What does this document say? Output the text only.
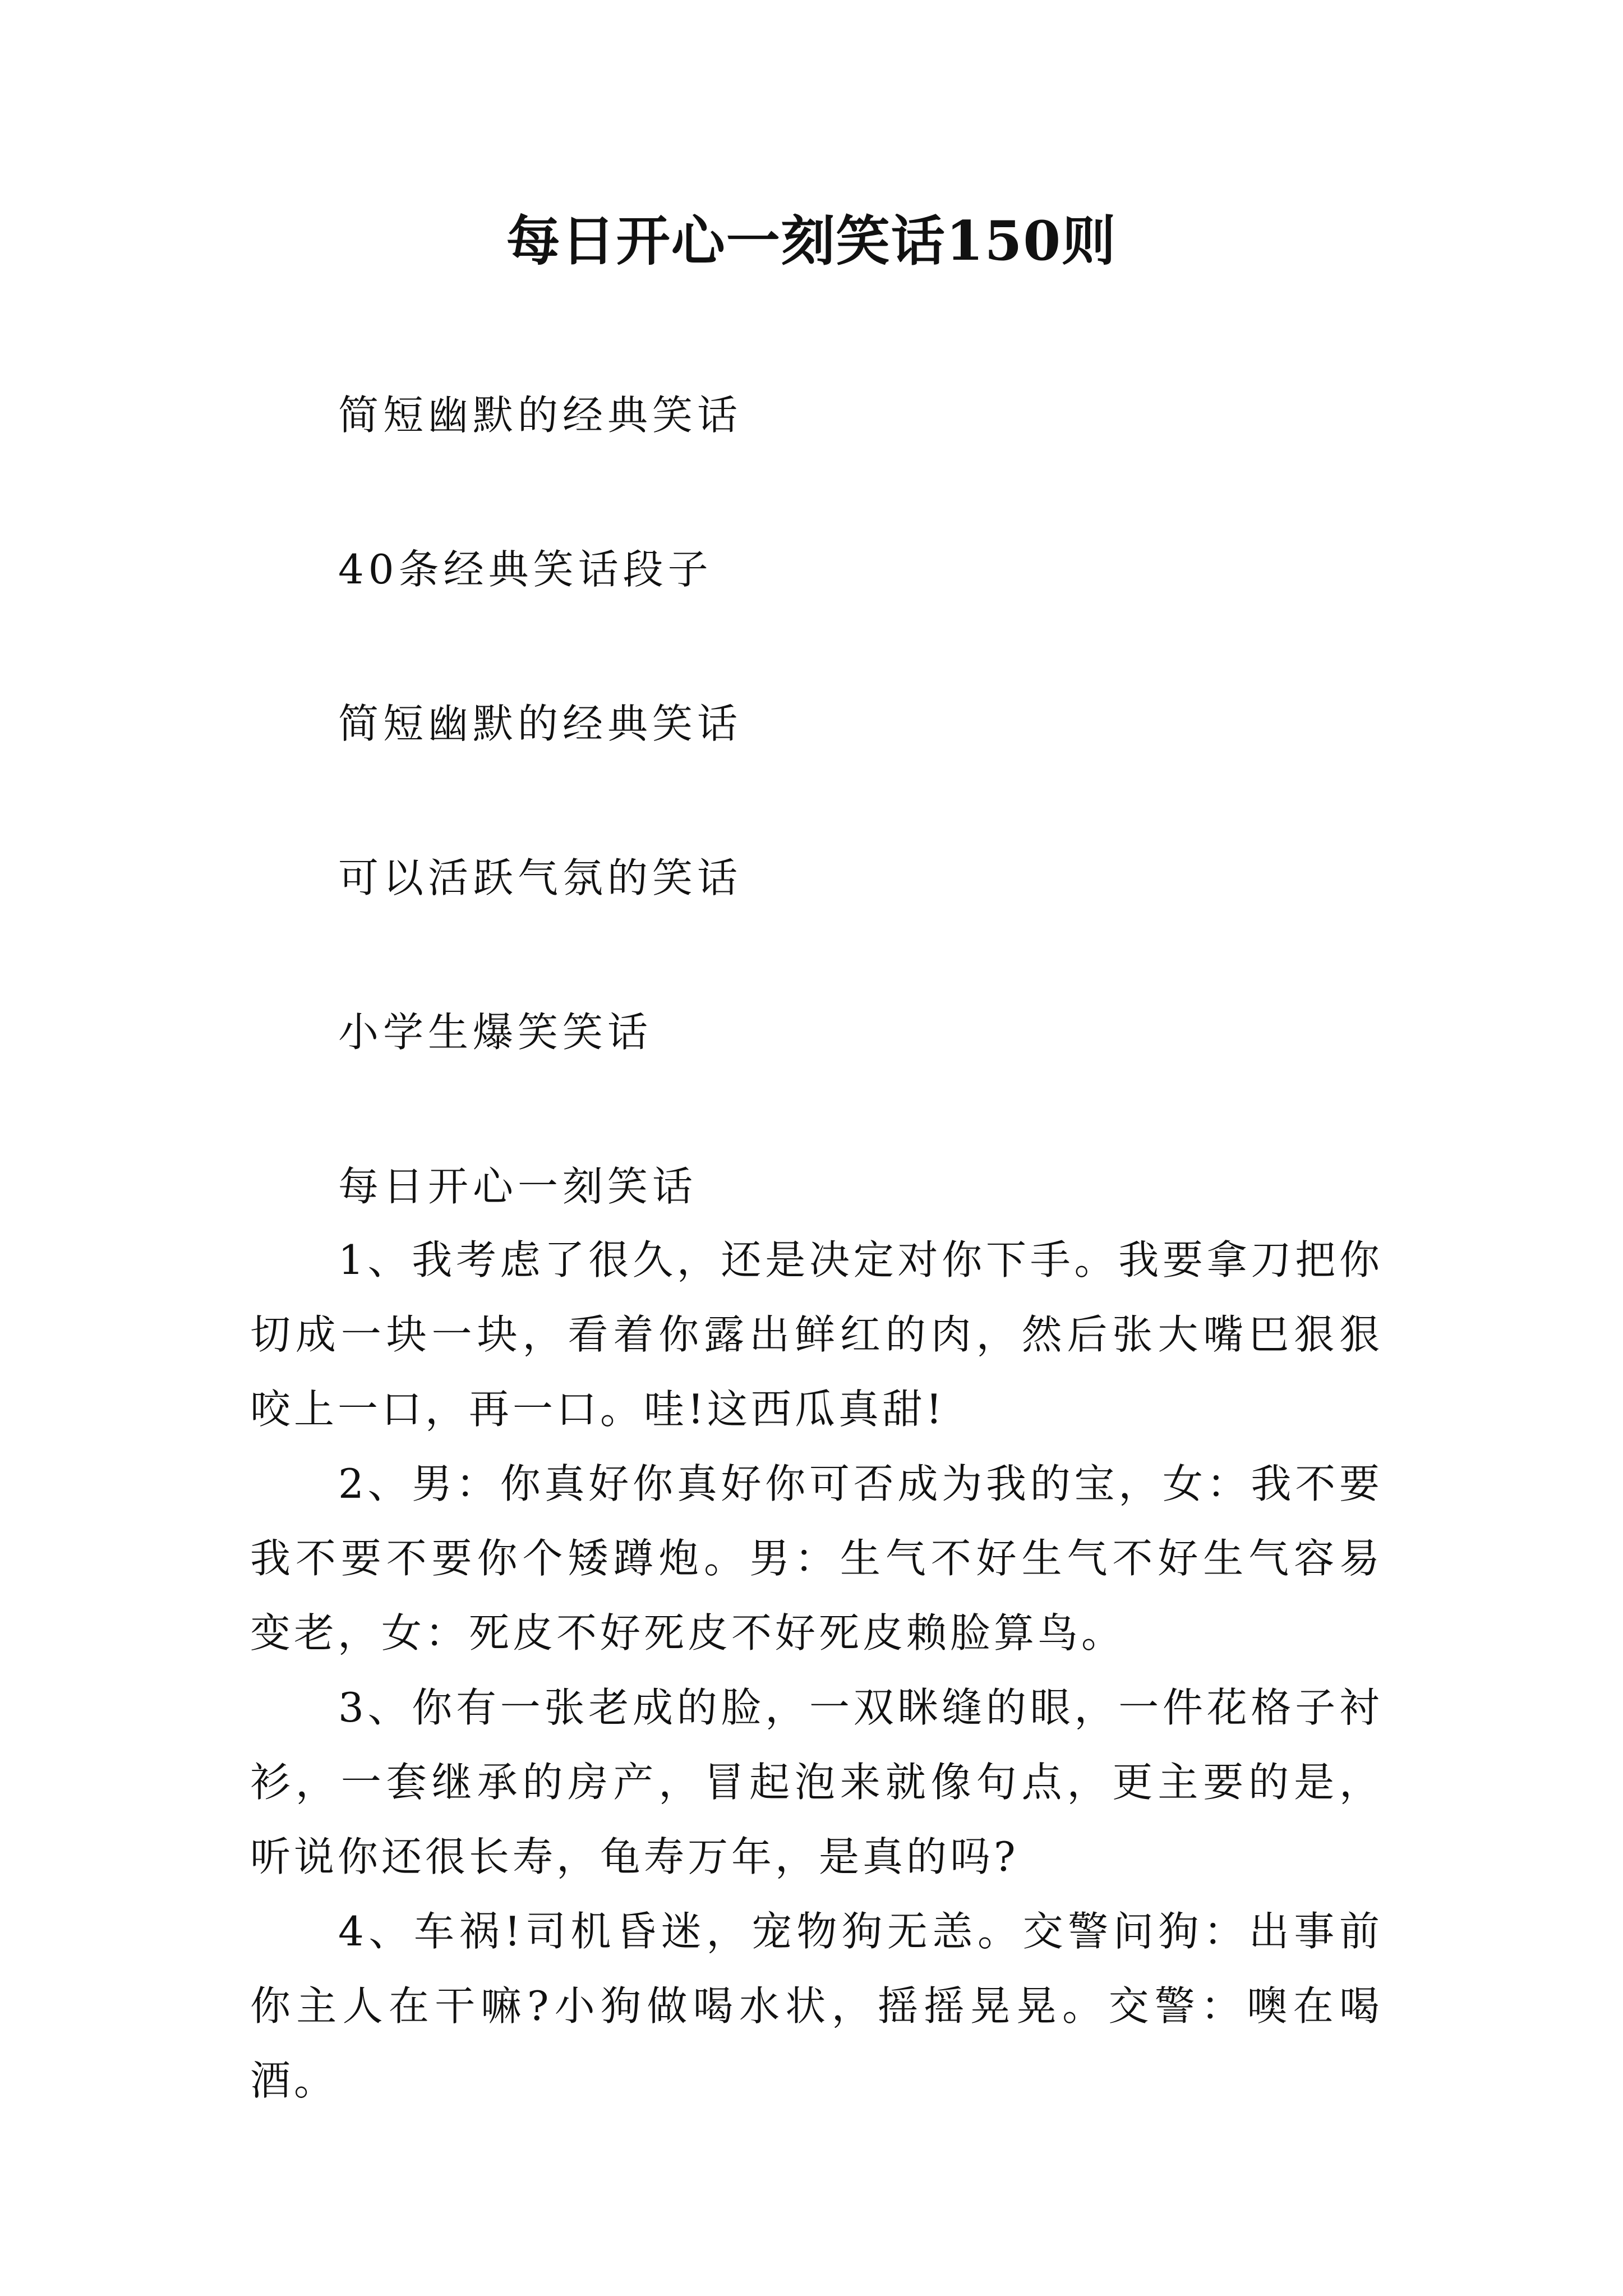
每日开心一刻笑话150则
简短幽默的经典笑话
40条经典笑话段子
简短幽默的经典笑话
可以活跃气氛的笑话
小学生爆笑笑话
每日开心一刻笑话

1、我考虑了很久，还是决定对你下手。我要拿刀把你切成一块一块，看着你露出鲜红的肉，然后张大嘴巴狠狠咬上一口，再一口。哇!这西瓜真甜!

2、男：你真好你真好你可否成为我的宝，女：我不要我不要不要你个矮蹲炮。男：生气不好生气不好生气容易变老，女：死皮不好死皮不好死皮赖脸算鸟。

3、你有一张老成的脸，一双眯缝的眼，一件花格子衬衫，一套继承的房产，冒起泡来就像句点，更主要的是，听说你还很长寿，龟寿万年，是真的吗?

4、车祸!司机昏迷，宠物狗无恙。交警问狗：出事前你主人在干嘛?小狗做喝水状，摇摇晃晃。交警：噢在喝酒。
